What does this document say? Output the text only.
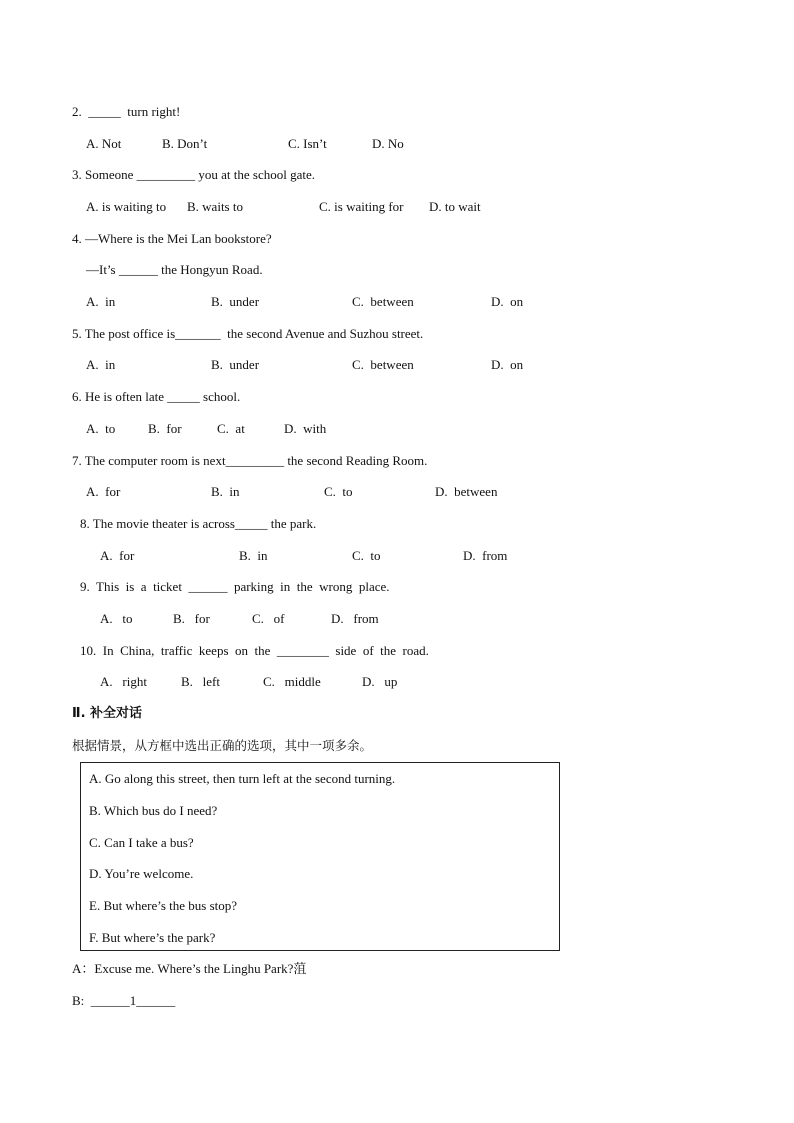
2.  _____  turn right!
A. Not	B. Don’t	C. Isn’t	D. No
3. Someone _________ you at the school gate.
A. is waiting to B. waits to	C. is waiting for D. to wait
4. —Where is the Mei Lan bookstore?
—It’s ______ the Hongyun Road.
A.  in	B.  under	C.  between	D.  on
5. The post office is_______  the second Avenue and Suzhou street.
A.  in	B.  under	C.  between	D.  on
6. He is often late _____ school.
A.  to	B.  for	C.  at	D.  with
7. The computer room is next_________ the second Reading Room.
A.  for	B.  in	C.  to	D.  between
8. The movie theater is across_____ the park.
A.  for	B.  in	C.  to	D.  from
9.  This  is  a  ticket  ______  parking  in  the  wrong  place.
A.   to	B.   for	C.   of	D.   from
10.  In  China,  traffic  keeps  on  the  ________  side  of  the  road.
A.   right	B.   left	C.   middle	D.   up
Ⅱ. 补全对话
根据情景，从方框中选出正确的选项，其中一项多余。
A. Go along this street, then turn left at the second turning.
B. Which bus do I need?
C. Can I take a bus?
D. You’re welcome.
E. But where’s the bus stop?
F. But where’s the park?
A：Excuse me. Where’s the Linghu Park?菹
B:  ______1______
